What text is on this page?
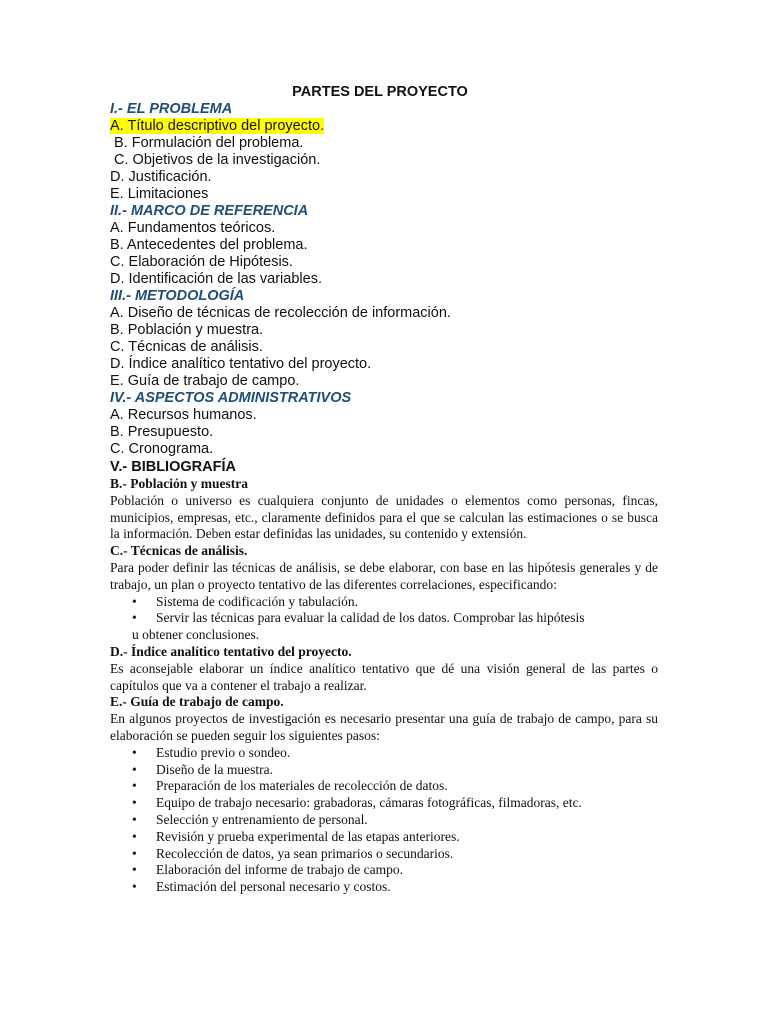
PARTES DEL PROYECTO
I.- EL PROBLEMA
A. Título descriptivo del proyecto.
B. Formulación del problema.
C. Objetivos de la investigación.
D. Justificación.
E. Limitaciones
II.- MARCO DE REFERENCIA
A. Fundamentos teóricos.
B. Antecedentes del problema.
C. Elaboración de Hipótesis.
D. Identificación de las variables.
III.- METODOLOGÍA
A. Diseño de técnicas de recolección de información.
B. Población y muestra.
C. Técnicas de análisis.
D. Índice analítico tentativo del proyecto.
E. Guía de trabajo de campo.
IV.- ASPECTOS ADMINISTRATIVOS
A. Recursos humanos.
B. Presupuesto.
C. Cronograma.
V.- BIBLIOGRAFÍA
B.- Población y muestra
Población o universo es cualquiera conjunto de unidades o elementos como personas, fincas, municipios, empresas, etc., claramente definidos para el que se calculan las estimaciones o se busca la información. Deben estar definidas las unidades, su contenido y extensión.
C.- Técnicas de análisis.
Para poder definir las técnicas de análisis, se debe elaborar, con base en las hipótesis generales y de trabajo, un plan o proyecto tentativo de las diferentes correlaciones, especificando:
• Sistema de codificación y tabulación.
• Servir las técnicas para evaluar la calidad de los datos. Comprobar las hipótesis
u obtener conclusiones.
D.- Índice analítico tentativo del proyecto.
Es aconsejable elaborar un índice analítico tentativo que dé una visión general de las partes o capítulos que va a contener el trabajo a realizar.
E.- Guía de trabajo de campo.
En algunos proyectos de investigación es necesario presentar una guía de trabajo de campo, para su elaboración se pueden seguir los siguientes pasos:
• Estudio previo o sondeo.
• Diseño de la muestra.
• Preparación de los materiales de recolección de datos.
• Equipo de trabajo necesario: grabadoras, cámaras fotográficas, filmadoras, etc.
• Selección y entrenamiento de personal.
• Revisión y prueba experimental de las etapas anteriores.
• Recolección de datos, ya sean primarios o secundarios.
• Elaboración del informe de trabajo de campo.
• Estimación del personal necesario y costos.
